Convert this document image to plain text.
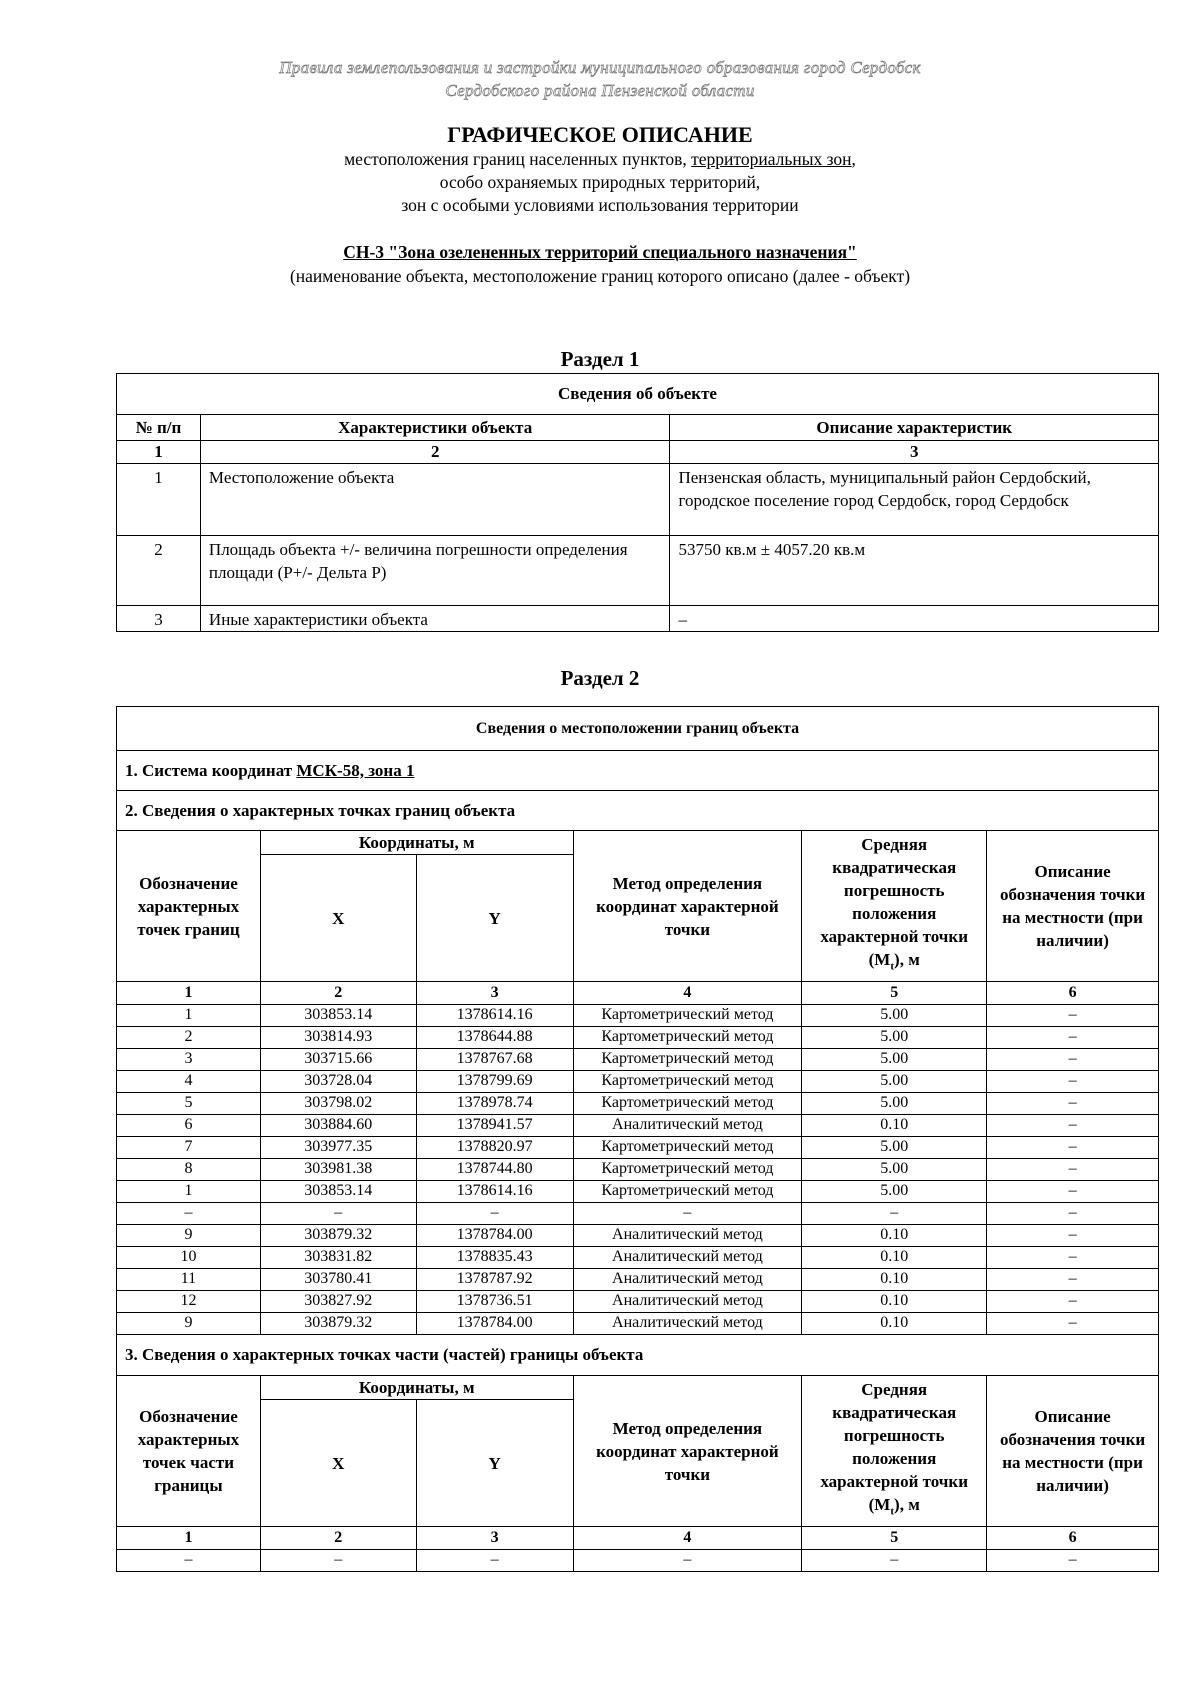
Правила землепользования и застройки муниципального образования город Сердобск
Сердобского района Пензенской области
ГРАФИЧЕСКОЕ ОПИСАНИЕ
местоположения границ населенных пунктов, территориальных зон,
особо охраняемых природных территорий,
зон с особыми условиями использования территории
СН-3 "Зона озелененных территорий специального назначения"
(наименование объекта, местоположение границ которого описано (далее - объект)
Раздел 1
Сведения об объекте		
№ п/п	Характеристики объекта	Описание характеристик
1	2	3
1	Местоположение объекта	Пензенская область, муниципальный район Сердобский, городское поселение город Сердобск, город Сердобск
2	Площадь объекта +/- величина погрешности определения площади (Р+/- Дельта Р)	53750 кв.м ± 4057.20 кв.м
3	Иные характеристики объекта	–
Раздел 2
Сведения о местоположении границ объекта					
1. Система координат МСК-58, зона 1					
2. Сведения о характерных точках границ объекта					
Обозначение характерных точек границ	Координаты, м		Метод определения координат характерной точки	Средняя квадратическая погрешность положения характерной точки $(M_t)$, м	Описание обозначения точки на местности (при наличии)
	X	Y			
1	2	3	4	5	6
1	303853.14	1378614.16	Картометрический метод	5.00	–
2	303814.93	1378644.88	Картометрический метод	5.00	–
3	303715.66	1378767.68	Картометрический метод	5.00	–
4	303728.04	1378799.69	Картометрический метод	5.00	–
5	303798.02	1378978.74	Картометрический метод	5.00	–
6	303884.60	1378941.57	Аналитический метод	0.10	–
7	303977.35	1378820.97	Картометрический метод	5.00	–
8	303981.38	1378744.80	Картометрический метод	5.00	–
1	303853.14	1378614.16	Картометрический метод	5.00	–
–	–	–	–	–	–
9	303879.32	1378784.00	Аналитический метод	0.10	–
10	303831.82	1378835.43	Аналитический метод	0.10	–
11	303780.41	1378787.92	Аналитический метод	0.10	–
12	303827.92	1378736.51	Аналитический метод	0.10	–
9	303879.32	1378784.00	Аналитический метод	0.10	–
3. Сведения о характерных точках части (частей) границы объекта					
Обозначение характерных точек части границы	Координаты, м		Метод определения координат характерной точки	Средняя квадратическая погрешность положения характерной точки $(M_t)$, м	Описание обозначения точки на местности (при наличии)
	X	Y			
1	2	3	4	5	6
–	–	–	–	–	–
